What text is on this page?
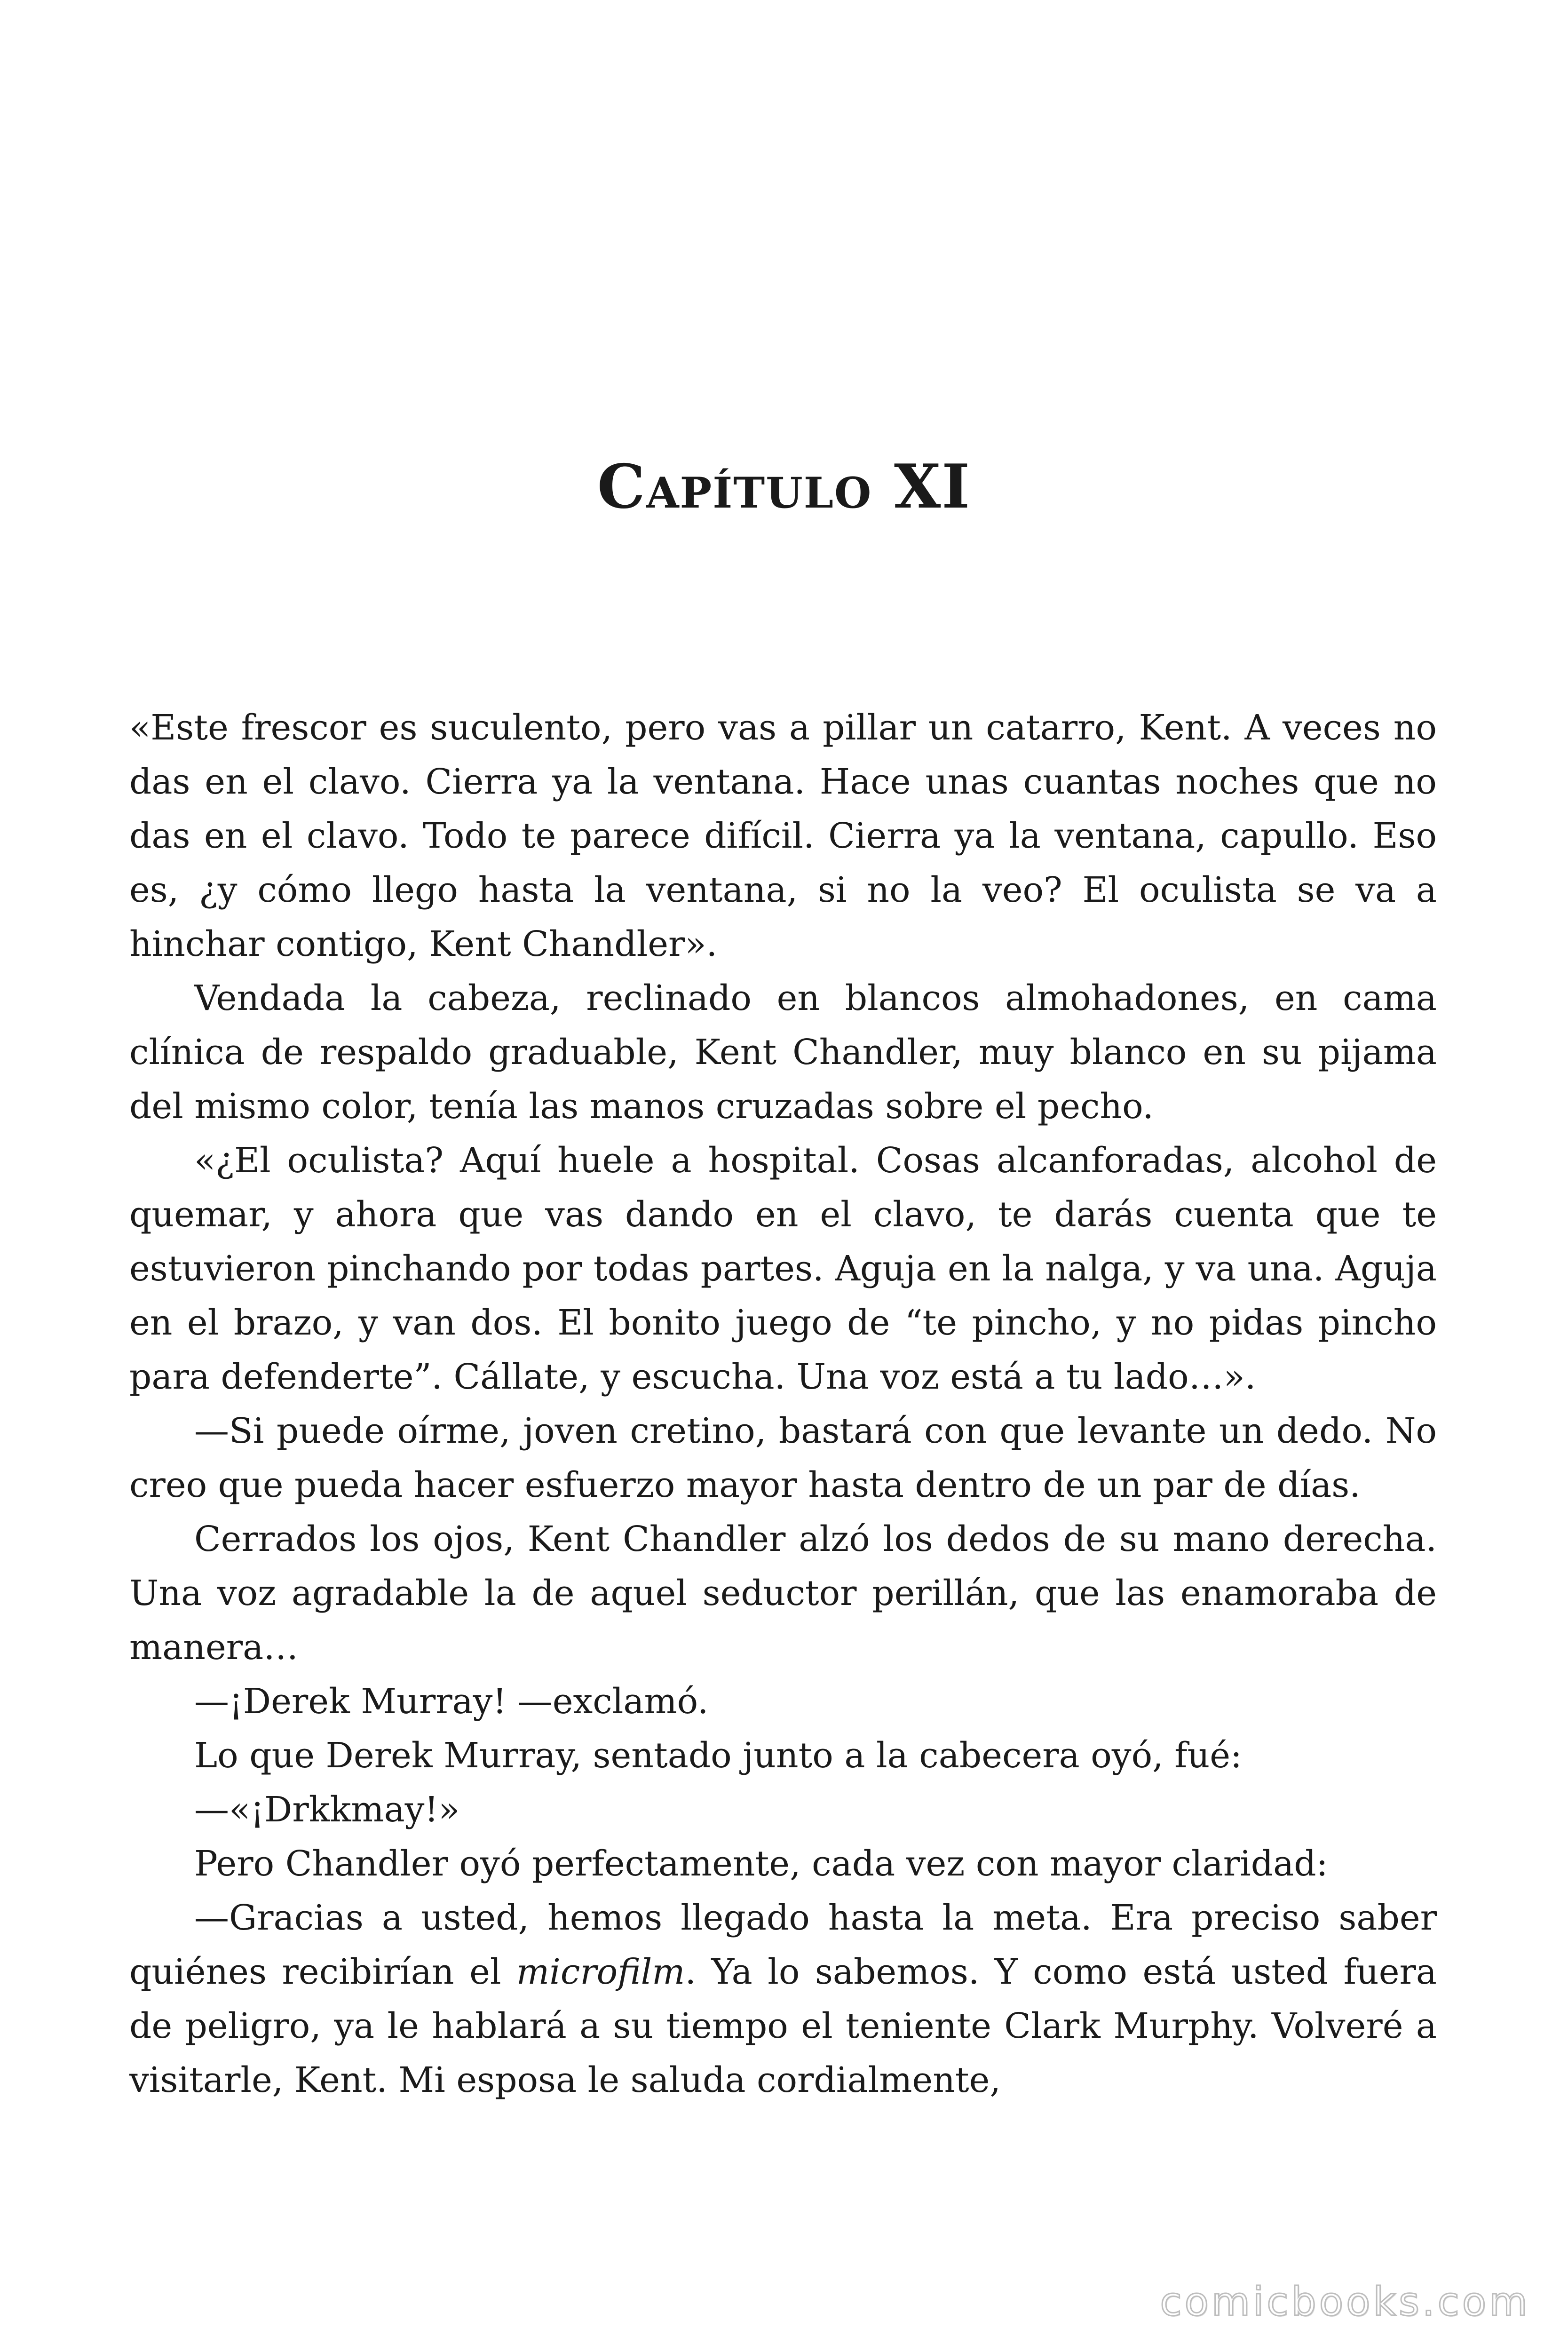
Capítulo XI

«Este frescor es suculento, pero vas a pillar un catarro, Kent. A veces no das en el clavo. Cierra ya la ventana. Hace unas cuantas noches que no das en el clavo. Todo te parece difícil. Cierra ya la ventana, capullo. Eso es, ¿y cómo llego hasta la ventana, si no la veo? El oculista se va a hinchar contigo, Kent Chandler».

Vendada la cabeza, reclinado en blancos almohadones, en cama clínica de respaldo graduable, Kent Chandler, muy blanco en su pijama del mismo color, tenía las manos cruzadas sobre el pecho.

«¿El oculista? Aquí huele a hospital. Cosas alcanforadas, alcohol de quemar, y ahora que vas dando en el clavo, te darás cuenta que te estuvieron pinchando por todas partes. Aguja en la nalga, y va una. Aguja en el brazo, y van dos. El bonito juego de “te pincho, y no pidas pincho para defenderte”. Cállate, y escucha. Una voz está a tu lado…».

—Si puede oírme, joven cretino, bastará con que levante un dedo. No creo que pueda hacer esfuerzo mayor hasta dentro de un par de días.

Cerrados los ojos, Kent Chandler alzó los dedos de su mano derecha. Una voz agradable la de aquel seductor perillán, que las enamoraba de manera…

—¡Derek Murray! —exclamó.

Lo que Derek Murray, sentado junto a la cabecera oyó, fué:

—«¡Drkkmay!»

Pero Chandler oyó perfectamente, cada vez con mayor claridad:

—Gracias a usted, hemos llegado hasta la meta. Era preciso saber quiénes recibirían el microfilm. Ya lo sabemos. Y como está usted fuera de peligro, ya le hablará a su tiempo el teniente Clark Murphy. Volveré a visitarle, Kent. Mi esposa le saluda cordialmente,

comicbooks.com
